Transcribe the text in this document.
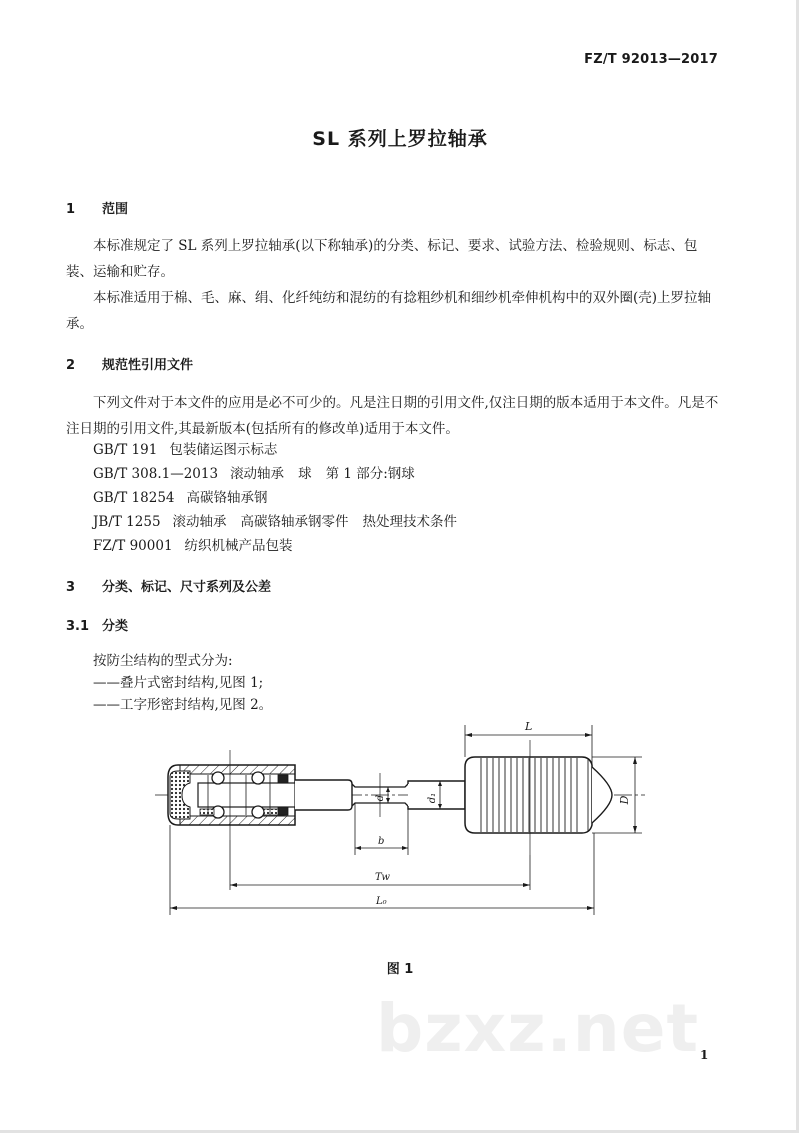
FZ/T 92013—2017
SL 系列上罗拉轴承
1 范围
本标准规定了 SL 系列上罗拉轴承(以下称轴承)的分类、标记、要求、试验方法、检验规则、标志、包装、运输和贮存。
本标准适用于棉、毛、麻、绢、化纤纯纺和混纺的有捻粗纱机和细纱机牵伸机构中的双外圈(壳)上罗拉轴承。
2 规范性引用文件
下列文件对于本文件的应用是必不可少的。凡是注日期的引用文件,仅注日期的版本适用于本文件。凡是不注日期的引用文件,其最新版本(包括所有的修改单)适用于本文件。
GB/T 191 包装储运图示标志
GB/T 308.1—2013 滚动轴承 球 第 1 部分:钢球
GB/T 18254 高碳铬轴承钢
JB/T 1255 滚动轴承 高碳铬轴承钢零件 热处理技术条件
FZ/T 90001 纺织机械产品包装
3 分类、标记、尺寸系列及公差
3.1 分类
按防尘结构的型式分为:
——叠片式密封结构,见图 1;
——工字形密封结构,见图 2。
L
D
d	d₁
b
Tw
L₀
图 1
bzxz.net 1
